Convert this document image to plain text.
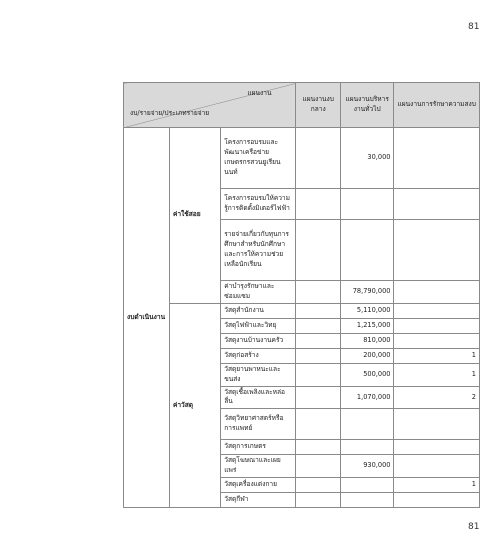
81
แผนงาน
งบ/รายจ่าย/ประเภทรายจ่าย			แผนงานงบกลาง	แผนงานบริหารงานทั่วไป	แผนงานการรักษาความสงบ
งบดำเนินงาน	ค่าใช้สอย	โครงการอบรมและพัฒนาเครือข่ายเกษตรกรสวนยูเรียนนนท์		30,000	
		โครงการอบรมให้ความรู้การติดตั้งมิเตอร์ไฟฟ้า			
		รายจ่ายเกี่ยวกับทุนการศึกษาสำหรับนักศึกษาและการให้ความช่วยเหลือนักเรียน			
		ค่าบำรุงรักษาและซ่อมแซม		78,790,000	
	ค่าวัสดุ	วัสดุสำนักงาน		5,110,000	
		วัสดุไฟฟ้าและวิทยุ		1,215,000	
		วัสดุงานบ้านงานครัว		810,000	
		วัสดุก่อสร้าง		200,000	1
		วัสดุยานพาหนะและขนส่ง		500,000	1
		วัสดุเชื้อเพลิงและหล่อลื่น		1,070,000	2
		วัสดุวิทยาศาสตร์หรือการแพทย์			
		วัสดุการเกษตร			
		วัสดุโฆษณาและเผยแพร่		930,000	
		วัสดุเครื่องแต่งกาย			1
		วัสดุกีฬา			
81
